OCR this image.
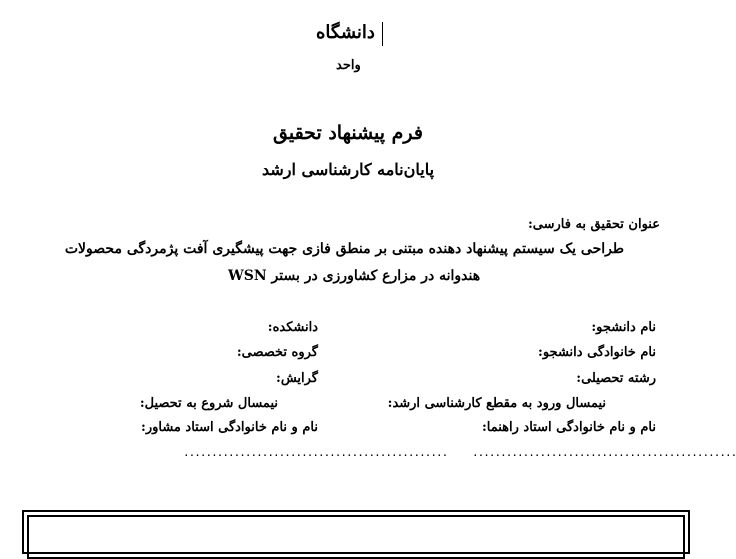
دانشگاه
واحد
فرم پیشنهاد تحقیق
پایان‌نامه کارشناسی ارشد
عنوان تحقیق به فارسی:
طراحی یک سیستم پیشنهاد دهنده مبتنی بر منطق فازی جهت پیشگیری آفت پژمردگی محصولات
هندوانه در مزارع کشاورزی در بستر WSN
نام دانشجو:
نام خانوادگی دانشجو:
رشته تحصیلی:
نیمسال ورود به مقطع کارشناسی ارشد:
نام و نام خانوادگی استاد راهنما:
...............................................
دانشکده:
گروه تخصصی:
گرایش:
نیمسال شروع به تحصیل:
نام و نام خانوادگی استاد مشاور:
...............................................
